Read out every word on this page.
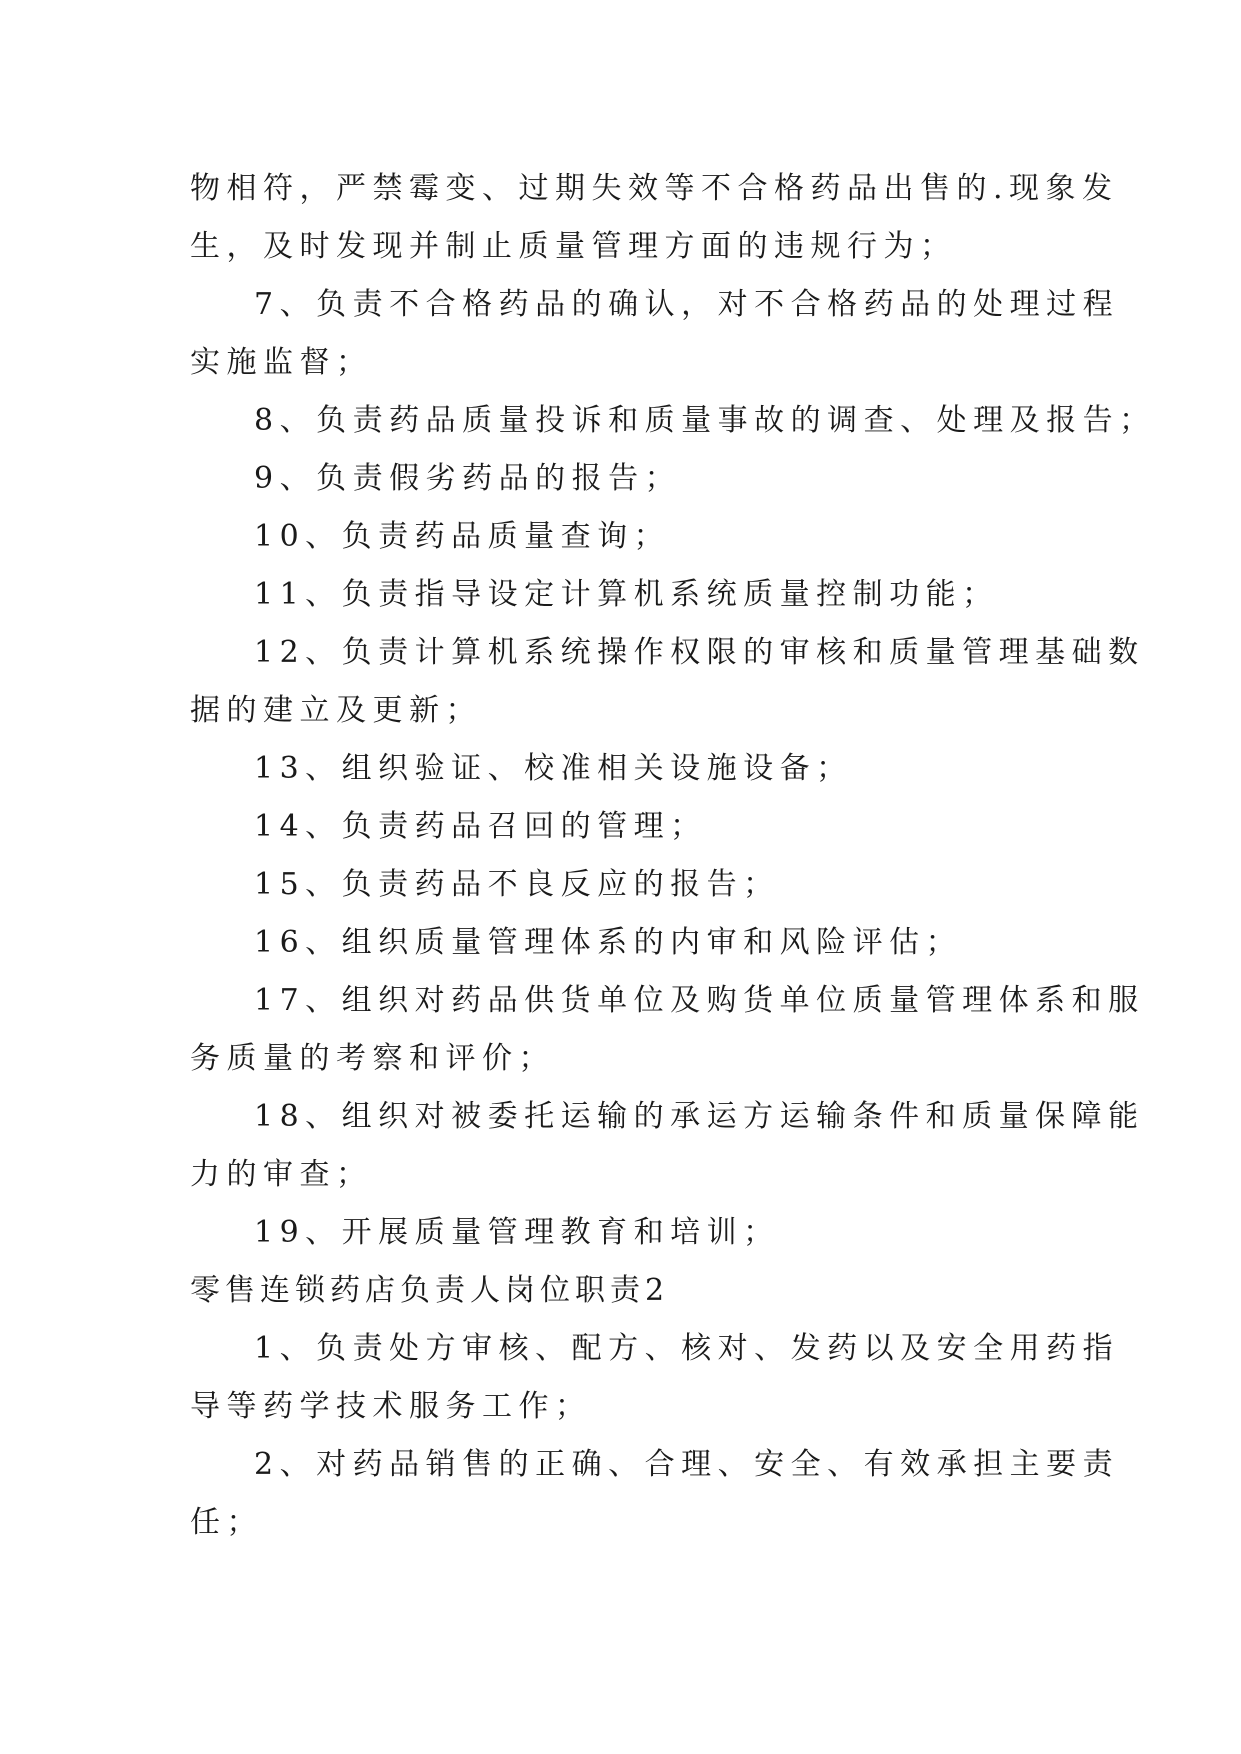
物相符，严禁霉变、过期失效等不合格药品出售的.现象发
生，及时发现并制止质量管理方面的违规行为；
7、负责不合格药品的确认，对不合格药品的处理过程
实施监督；
8、负责药品质量投诉和质量事故的调查、处理及报告；
9、负责假劣药品的报告；
10、负责药品质量查询；
11、负责指导设定计算机系统质量控制功能；
12、负责计算机系统操作权限的审核和质量管理基础数
据的建立及更新；
13、组织验证、校准相关设施设备；
14、负责药品召回的管理；
15、负责药品不良反应的报告；
16、组织质量管理体系的内审和风险评估；
17、组织对药品供货单位及购货单位质量管理体系和服
务质量的考察和评价；
18、组织对被委托运输的承运方运输条件和质量保障能
力的审查；
19、开展质量管理教育和培训；
零售连锁药店负责人岗位职责2
1、负责处方审核、配方、核对、发药以及安全用药指
导等药学技术服务工作；
2、对药品销售的正确、合理、安全、有效承担主要责
任；
